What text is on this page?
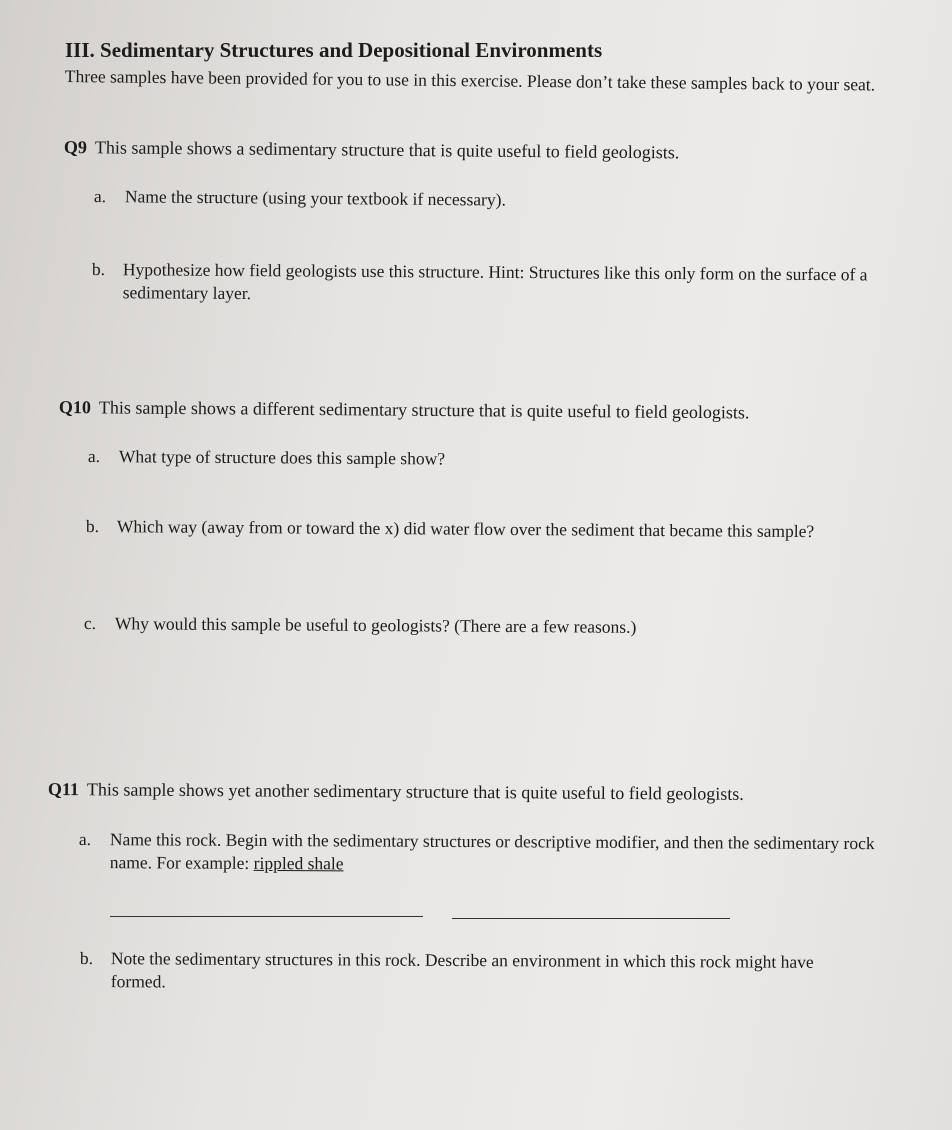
III. Sedimentary Structures and Depositional Environments
Three samples have been provided for you to use in this exercise. Please don’t take these samples back to your seat.
Q9 This sample shows a sedimentary structure that is quite useful to field geologists.
a. Name the structure (using your textbook if necessary).
b. Hypothesize how field geologists use this structure. Hint: Structures like this only form on the surface of a sedimentary layer.
Q10 This sample shows a different sedimentary structure that is quite useful to field geologists.
a. What type of structure does this sample show?
b. Which way (away from or toward the x) did water flow over the sediment that became this sample?
c. Why would this sample be useful to geologists? (There are a few reasons.)
Q11 This sample shows yet another sedimentary structure that is quite useful to field geologists.
a. Name this rock. Begin with the sedimentary structures or descriptive modifier, and then the sedimentary rock name. For example: rippled shale
b. Note the sedimentary structures in this rock. Describe an environment in which this rock might have formed.
